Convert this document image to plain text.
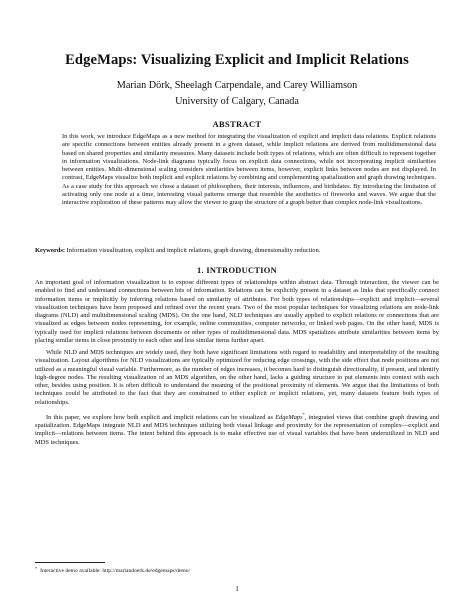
EdgeMaps: Visualizing Explicit and Implicit Relations
Marian Dörk, Sheelagh Carpendale, and Carey Williamson
University of Calgary, Canada
ABSTRACT

In this work, we introduce EdgeMaps as a new method for integrating the visualization of explicit and implicit data relations. Explicit relations are specific connections between entities already present in a given dataset, while implicit relations are derived from multidimensional data based on shared properties and similarity measures. Many datasets include both types of relations, which are often difficult to represent together in information visualizations. Node-link diagrams typically focus on explicit data connections, while not incorporating implicit similarities between entities. Multi-dimensional scaling considers similarities between items, however, explicit links between nodes are not displayed. In contrast, EdgeMaps visualize both implicit and explicit relations by combining and complementing spatialization and graph drawing techniques. As a case study for this approach we chose a dataset of philosophers, their interests, influences, and birthdates. By introducing the limitation of activating only one node at a time, interesting visual patterns emerge that resemble the aesthetics of fireworks and waves. We argue that the interactive exploration of these patterns may allow the viewer to grasp the structure of a graph better than complex node-link visualizations.

Keywords: Information visualization, explicit and implicit relations, graph drawing, dimensionality reduction.

1. INTRODUCTION

An important goal of information visualization is to expose different types of relationships within abstract data. Through interaction, the viewer can be enabled to find and understand connections between bits of information. Relations can be explicitly present in a dataset as links that specifically connect information items or implicitly by inferring relations based on similarity of attributes. For both types of relationships—explicit and implicit—several visualization techniques have been proposed and refined over the recent years. Two of the most popular techniques for visualizing relations are node-link diagrams (NLD) and multidimensional scaling (MDS). On the one hand, NLD techniques are usually applied to explicit relations or connections that are visualized as edges between nodes representing, for example, online communities, computer networks, or linked web pages. On the other hand, MDS is typically used for implicit relations between documents or other types of multidimensional data. MDS spatializes attribute similarities between items by placing similar items in close proximity to each other and less similar items further apart.

While NLD and MDS techniques are widely used, they both have significant limitations with regard to readability and interpretability of the resulting visualization. Layout algorithms for NLD visualizations are typically optimized for reducing edge crossings, with the side effect that node positions are not utilized as a meaningful visual variable. Furthermore, as the number of edges increases, it becomes hard to distinguish directionality, if present, and identify high-degree nodes. The resulting visualization of an MDS algorithm, on the other hand, lacks a guiding structure to put elements into context with each other, besides using position. It is often difficult to understand the meaning of the positional proximity of elements. We argue that the limitations of both techniques could be attributed to the fact that they are constrained to either explicit or implicit relations, yet, many datasets feature both types of relationships.

In this paper, we explore how both explicit and implicit relations can be visualized as EdgeMaps*, integrated views that combine graph drawing and spatialization. EdgeMaps integrate NLD and MDS techniques utilizing both visual linkage and proximity for the representation of complex—explicit and implicit—relations between items. The intent behind this approach is to make effective use of visual variables that have been underutilized in NLD and MDS techniques.

* Interactive demo available: http://mariandoerk.de/edgemaps/demo/
1
